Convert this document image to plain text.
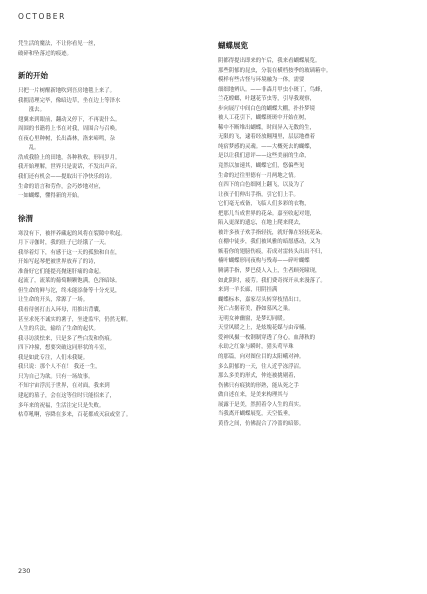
OCTOBER

凭生活的魔法，不让你看见一丝，

破碎和坠落过的痕迹。

新的开始

只把一片树醒新地吹到吾房地毯上来了。

我拥清理完毕，像暗边草，坐在边上等泽水

　　涨去。

翅翼来到眼前，翻动又停下，不再说什么。

周围的书籍将上书在对我，周围合与召唤。

在夜心里种树，长出森林，洛来啼鸣，杂

　　乱。

浩成我脸上的田地，各种秋收，形同岁月。

我开始理解，世界只是说话，不发出声音。

我们还有机会——提取出干净快乐的诗。

生命的语言和劳作，会巧妙地对应，

一如蝴蝶，懂得新的开始。

徐渭

寒没有下，被抨养藏起的风将在裂隙中吹起。

月下寻伽时，我的肚子已经饿了一天。

我举着灯下，有感于这一天的孤独和自在，

开始写起琴把被世界放弃了的诗，

准备好它们能提亮抛迷肝痛的命起。

起流了，流莱的葡萄颗颗饱满，色泽暗绿。

但生命的鲜与沱，终未能添备等十分充見，

让生命的开头，常源了一场。

我看待创打击入环母，用推出背囊，

甚至求死不诚实的薯子，坐进监牢，仍然无解。

人生的兵法，输给了生命的起伏。

我寻访淡怯来，只是多了些白发和伤痕。

四下冲撞，想要突破这同形状的斗室，

我是如此专注，人们未我疑。

我只说：那个人不在！ 我还一生，

只为自己为欲。只有一场故事。

不知宇宙浮沉于世界，在对面，我来到

建起的墓子，会在这等住时只能招来了，

多年来的祝福，生活注定只是失败。

枯草吼啊，容降在多来，百花都成灭寂或堂了。

蝴蝶展览

阴都得提出即来的午后，我来看蝴蝶展览。

那些阴郁的昆虫，分装在横档按季的玻璃箱中。

模样有些古怪与环境融为一体，需要

细细地辨认。——非森月甲虫小斑丁，鸟蜂，

兰花螳螂，叶越花节虫等，引导我观察，

步向展厅中间白色的蝴蝶大棚，扑扑梦境

被人工花引下，蝴蝶斑斑中开始在树，

稀中不断堆出蝴蝶，时间异入无数的生，

无限的飞，逮着经放翱翔里，层层地叠着

纯宿梦感的灵魂。——大概死去的蝴蝶，

是以让我们意评——这些美丽的生命，

竟然以加速其，蝴蝶它们，悠偏些见

生命的过往里德有一月两地之情。

在四下的白色细网上翻飞，以及为了

让孩子们伸出手指，引它们上手。

它们毫无戒备，飞临人们多彩的衣物，

把那儿当成世界的花朵。嘉至收起对翅，

陷入更深的遗忘，在地上爬来爬去，

被许多孩子欢手指轻抚，就好像在轻抚花朵。

在棚中徒步，我们被风雅的暗愿感动，又为

嫉着你的翅膀伤痕，若成对雷转头出出不归，

楠叶蝴蝶形同夜构与残毒——碎叶蝴蝶

腾满手指，梦巴使人入上，生者顾死瞳现，

如此阴时，疲劳。我们费奇探开从来漫落了。

来到一羊长廊，用阴挂满

蝴蝶标本，嘉家尽头转穿枝情出口。

死亡占据着美，静如墓风之巢。

无明女神幽窗，是梦幻同暖。

天堂风暖之上，是炫塊花媒与由帝楠。

爱神凤摄一枚钢制穿透了身心，血薄秋的

永劫之红象与瞬时，猎头莺早珠

的那篇，向对图位目的太阳峨对神。

多么阴郁的一天，往人近乎冻浮沼。

那么多美的形式，仲连被挑剔着，

伤佛只有痕狭的形熟，能从死之手

做自述在来，是美来构理其与

展露于是美，然照着令人生的真实。

当我离开蝴蝶展览，天空低垂，

黄昏之间，仿佛混合了冷蔷的暗影。

230
